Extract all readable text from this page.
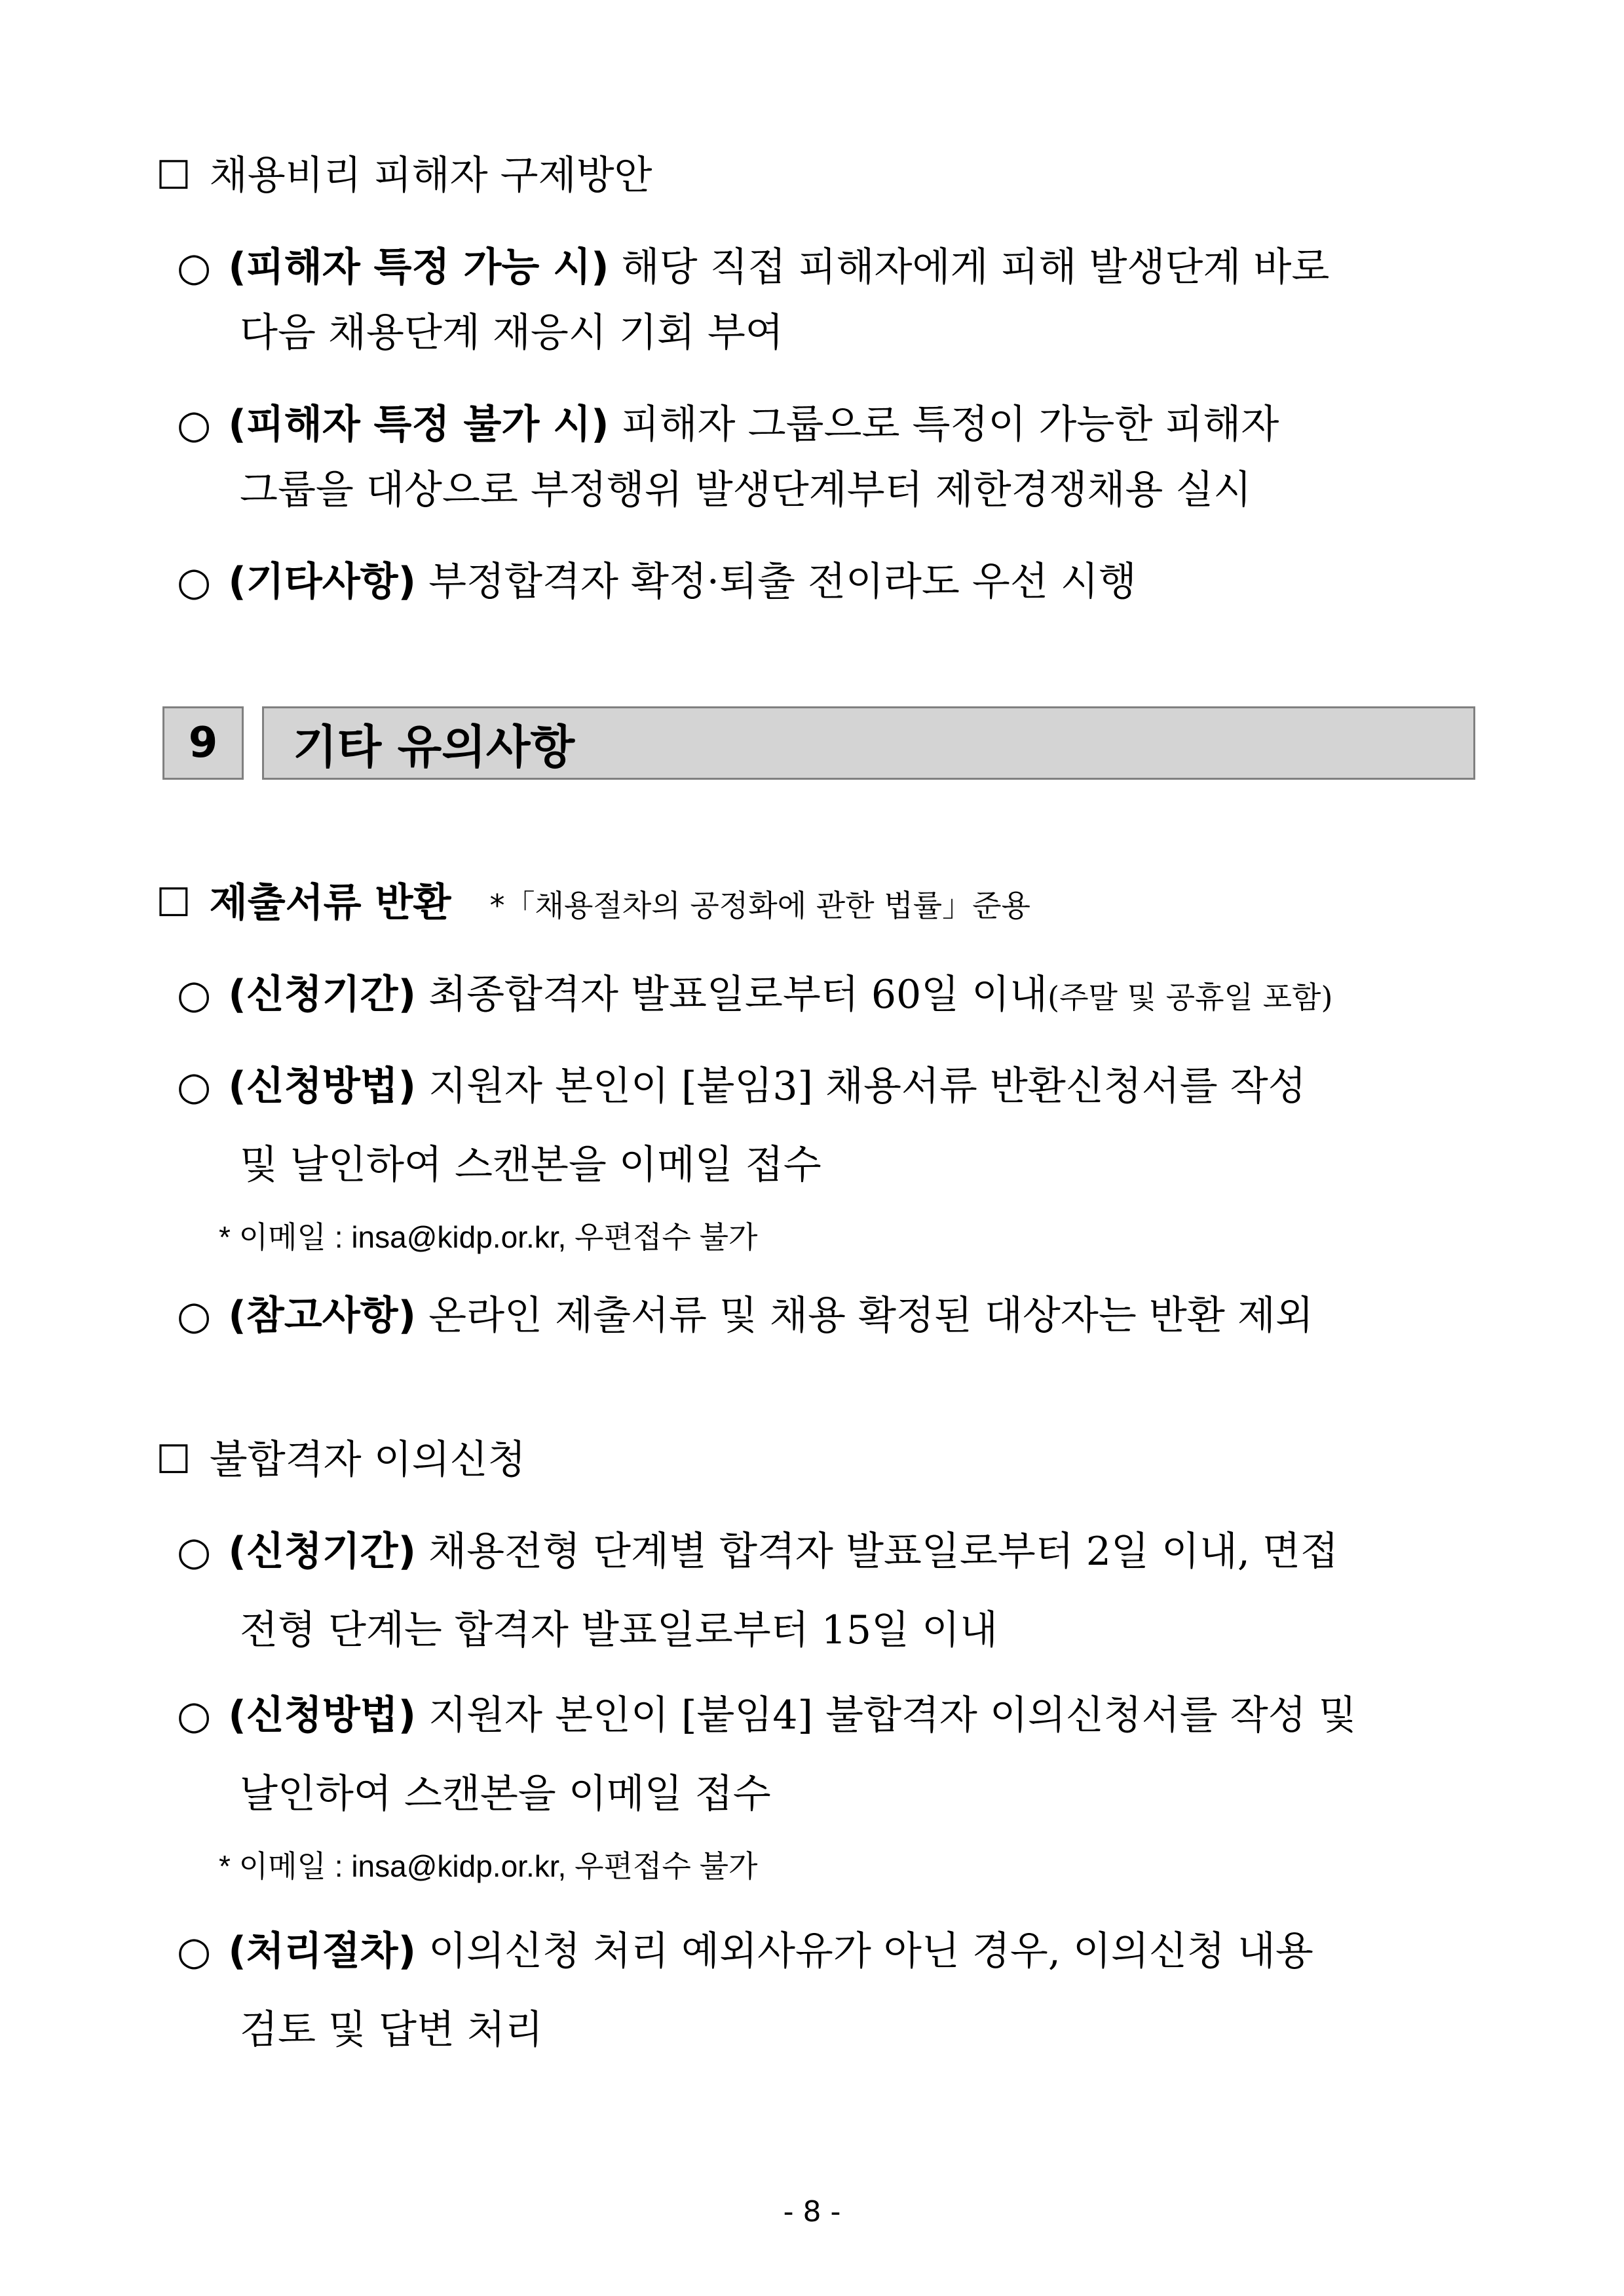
☐ 채용비리 피해자 구제방안
○ (피해자 특정 가능 시) 해당 직접 피해자에게 피해 발생단계 바로
다음 채용단계 재응시 기회 부여
○ (피해자 특정 불가 시) 피해자 그룹으로 특정이 가능한 피해자
그룹을 대상으로 부정행위 발생단계부터 제한경쟁채용 실시
○ (기타사항) 부정합격자 확정·퇴출 전이라도 우선 시행
9	기타 유의사항
☐ 제출서류 반환 *「채용절차의 공정화에 관한 법률」준용
○ (신청기간) 최종합격자 발표일로부터 60일 이내(주말 및 공휴일 포함)
○ (신청방법) 지원자 본인이 [붙임3] 채용서류 반환신청서를 작성
및 날인하여 스캔본을 이메일 접수
* 이메일 : insa@kidp.or.kr, 우편접수 불가
○ (참고사항) 온라인 제출서류 및 채용 확정된 대상자는 반환 제외
☐ 불합격자 이의신청
○ (신청기간) 채용전형 단계별 합격자 발표일로부터 2일 이내, 면접
전형 단계는 합격자 발표일로부터 15일 이내
○ (신청방법) 지원자 본인이 [붙임4] 불합격자 이의신청서를 작성 및
날인하여 스캔본을 이메일 접수
* 이메일 : insa@kidp.or.kr, 우편접수 불가
○ (처리절차) 이의신청 처리 예외사유가 아닌 경우, 이의신청 내용
검토 및 답변 처리
- 8 -
